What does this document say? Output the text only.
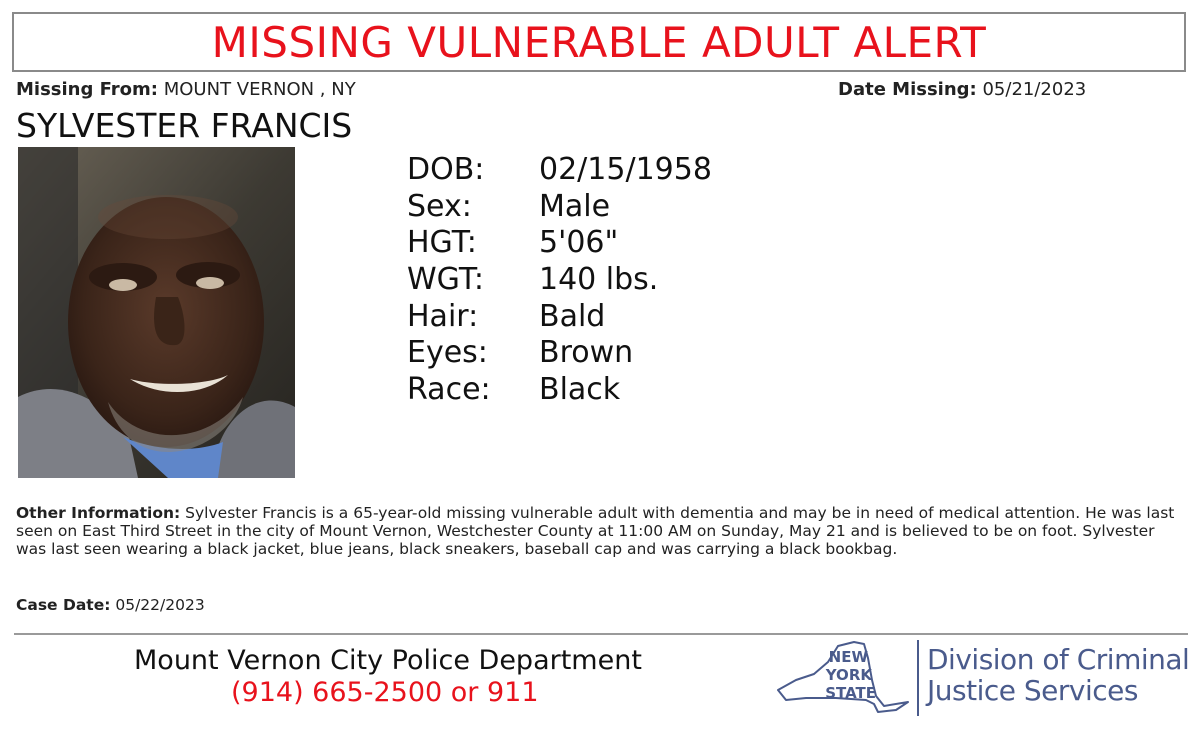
MISSING VULNERABLE ADULT ALERT
Missing From: MOUNT VERNON , NY	Date Missing: 05/21/2023
SYLVESTER FRANCIS
DOB: 02/15/1958
Sex: Male
HGT: 5'06"
WGT: 140 lbs.
Hair: Bald
Eyes: Brown
Race: Black
Other Information: Sylvester Francis is a 65-year-old missing vulnerable adult with dementia and may be in need of medical attention. He was last seen on East Third Street in the city of Mount Vernon, Westchester County at 11:00 AM on Sunday, May 21 and is believed to be on foot. Sylvester was last seen wearing a black jacket, blue jeans, black sneakers, baseball cap and was carrying a black bookbag.
Case Date: 05/22/2023
Mount Vernon City Police Department
(914) 665-2500 or 911
NEW
YORK
STATE
Division of Criminal
Justice Services
